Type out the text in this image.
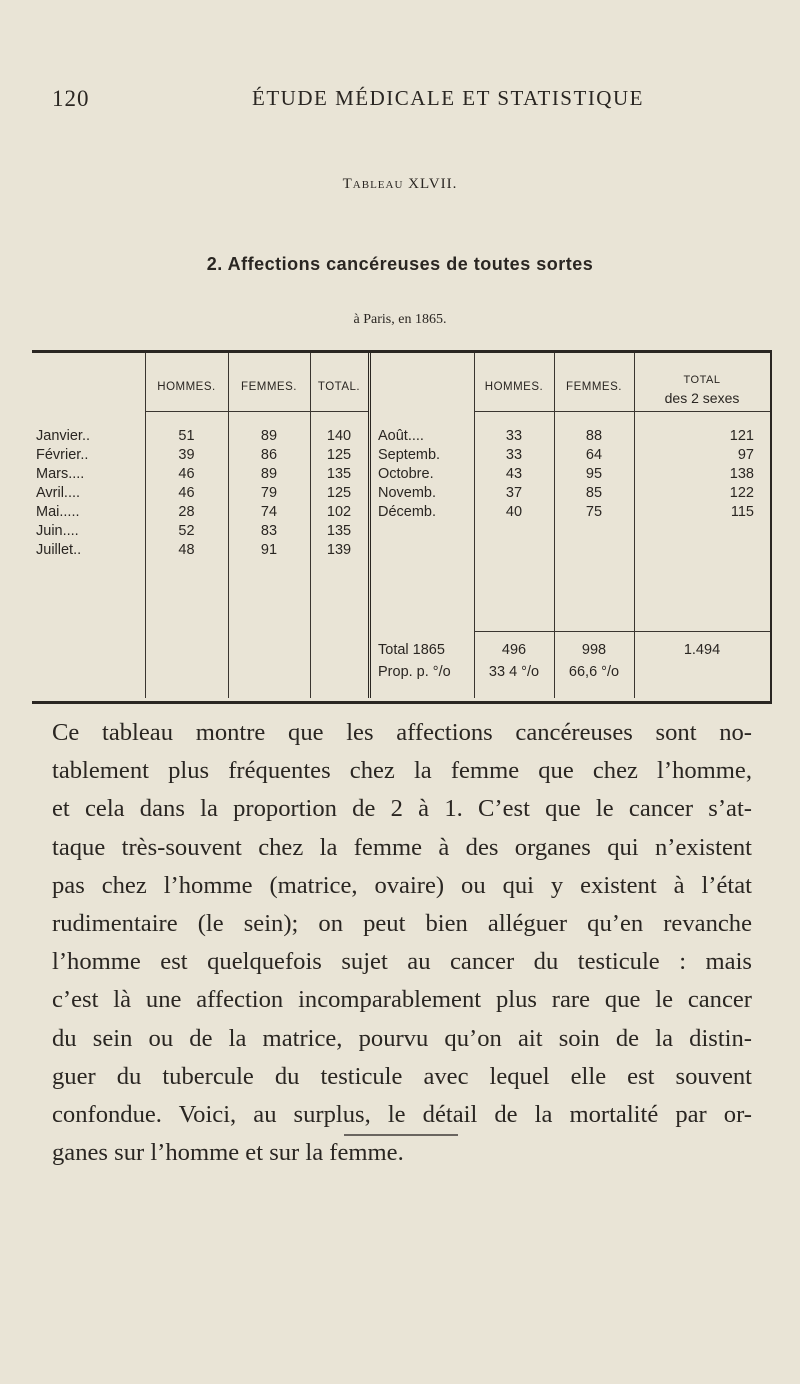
120	ÉTUDE MÉDICALE ET STATISTIQUE
Tableau XLVII.
2. Affections cancéreuses de toutes sortes
à Paris, en 1865.
HOMMES.	FEMMES.	TOTAL.	HOMMES.	FEMMES.
TOTAL
des 2 sexes
Janvier..	51	89	140
Février..	39	86	125
Mars....	46	89	135
Avril....	46	79	125
Mai.....	28	74	102
Juin....	52	83	135
Juillet..	48	91	139
Août....	33	88	121
Septemb.	33	64	97
Octobre.	43	95	138
Novemb.	37	85	122
Décemb.	40	75	115
Total 1865	496	998	1.494
Prop. p. °/o	33 4 °/o	66,6 °/o
Ce tableau montre que les affections cancéreuses sont no-
tablement plus fréquentes chez la femme que chez l’homme,
et cela dans la proportion de 2 à 1. C’est que le cancer s’at-
taque très-souvent chez la femme à des organes qui n’existent
pas chez l’homme (matrice, ovaire) ou qui y existent à l’état
rudimentaire (le sein); on peut bien alléguer qu’en revanche
l’homme est quelquefois sujet au cancer du testicule : mais
c’est là une affection incomparablement plus rare que le cancer
du sein ou de la matrice, pourvu qu’on ait soin de la distin-
guer du tubercule du testicule avec lequel elle est souvent
confondue. Voici, au surplus, le détail de la mortalité par or-
ganes sur l’homme et sur la femme.
